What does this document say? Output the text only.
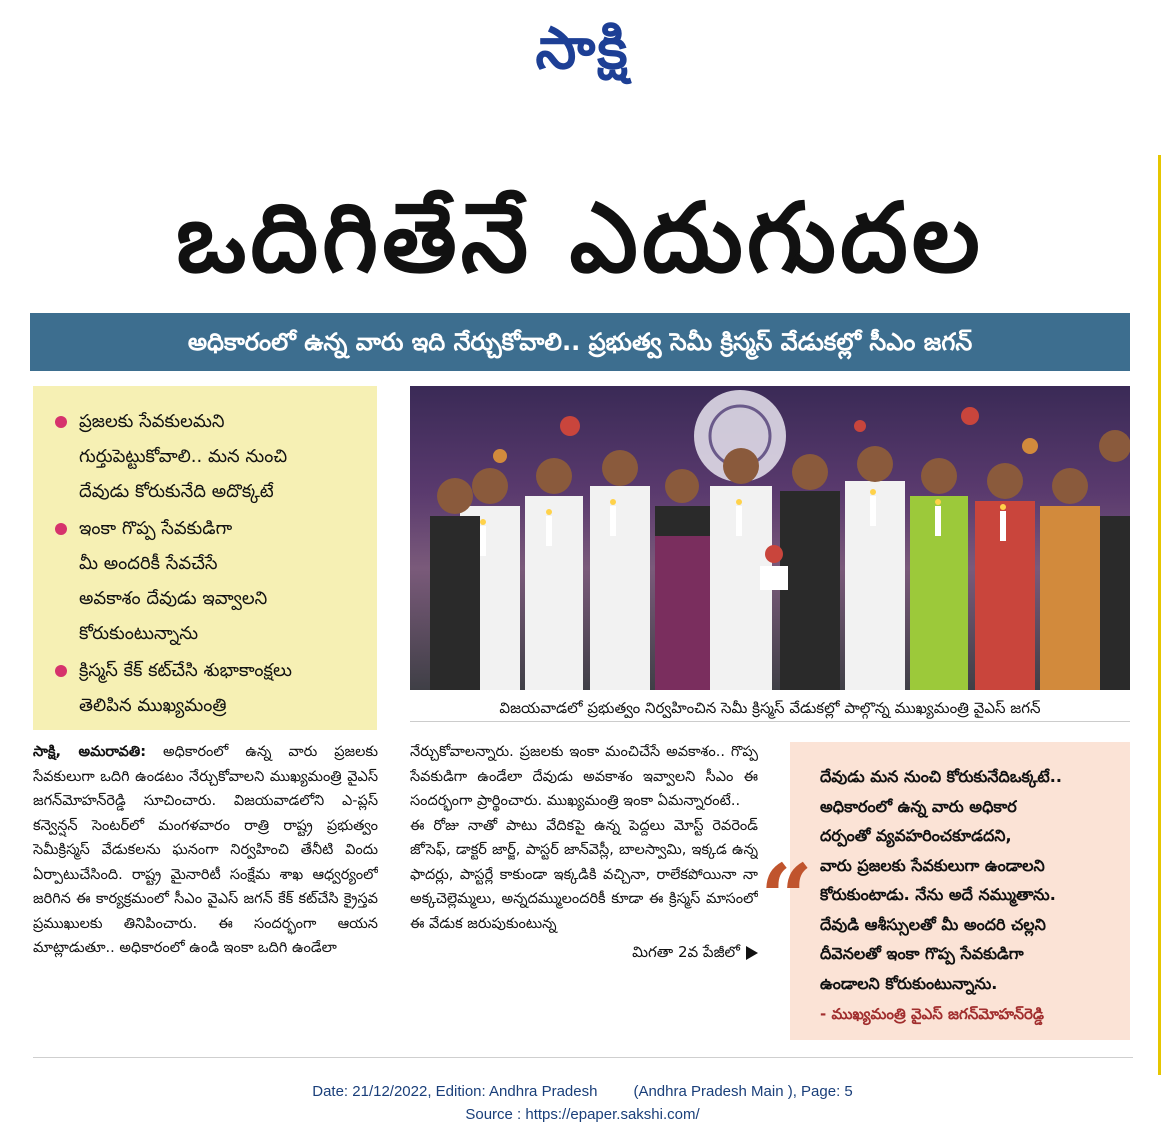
సాక్షి
ఒదిగితేనే ఎదుగుదల
అధికారంలో ఉన్న వారు ఇది నేర్చుకోవాలి.. ప్రభుత్వ సెమీ క్రిస్మస్ వేడుకల్లో సీఎం జగన్
ప్రజలకు సేవకులమని
గుర్తుపెట్టుకోవాలి.. మన నుంచి
దేవుడు కోరుకునేది అదొక్కటే
ఇంకా గొప్ప సేవకుడిగా
మీ అందరికీ సేవచేసే
అవకాశం దేవుడు ఇవ్వాలని
కోరుకుంటున్నాను
క్రిస్మస్ కేక్ కట్‌చేసి శుభాకాంక్షలు
తెలిపిన ముఖ్యమంత్రి	విజయవాడలో ప్రభుత్వం నిర్వహించిన సెమీ క్రిస్మస్ వేడుకల్లో పాల్గొన్న ముఖ్యమంత్రి వైఎస్ జగన్

సాక్షి, అమరావతి: అధికారంలో ఉన్న వారు ప్రజలకు సేవకులుగా ఒదిగి ఉండటం నేర్చుకోవాలని ముఖ్యమంత్రి వైఎస్ జగన్‌మోహన్‌రెడ్డి సూచించారు. విజయవాడలోని ఎ-ప్లస్ కన్వెన్షన్ సెంటర్‌లో మంగళవారం రాత్రి రాష్ట్ర ప్రభుత్వం సెమీక్రిస్మస్ వేడుకలను ఘనంగా నిర్వహించి తేనీటి విందు ఏర్పాటుచేసింది. రాష్ట్ర మైనారిటీ సంక్షేమ శాఖ ఆధ్వర్యంలో జరిగిన ఈ కార్యక్రమంలో సీఎం వైఎస్ జగన్ కేక్ కట్‌చేసి క్రైస్తవ ప్రముఖులకు తినిపించారు. ఈ సందర్భంగా ఆయన మాట్లాడుతూ.. అధికారంలో ఉండి ఇంకా ఒదిగి ఉండేలా

నేర్చుకోవాలన్నారు. ప్రజలకు ఇంకా మంచిచేసే అవకాశం.. గొప్ప సేవకుడిగా ఉండేలా దేవుడు అవకాశం ఇవ్వాలని సీఎం ఈ సందర్భంగా ప్రార్థించారు. ముఖ్యమంత్రి ఇంకా ఏమన్నారంటే..

ఈ రోజు నాతో పాటు వేదికపై ఉన్న పెద్దలు మోస్ట్ రెవరెండ్ జోసెఫ్, డాక్టర్ జార్జ్, పాస్టర్ జాన్‌వెస్లీ, బాలస్వామి, ఇక్కడ ఉన్న ఫాదర్లు, పాస్టర్లే కాకుండా ఇక్కడికి వచ్చినా, రాలేకపోయినా నా అక్కచెల్లెమ్మలు, అన్నదమ్ములందరికీ కూడా ఈ క్రిస్మస్ మాసంలో ఈ వేడుక జరుపుకుంటున్న

మిగతా 2వ పేజీలో “
దేవుడు మన నుంచి కోరుకునేదిఒక్కటే..
అధికారంలో ఉన్న వారు అధికార
దర్పంతో వ్యవహరించకూడదని,
వారు ప్రజలకు సేవకులుగా ఉండాలని
కోరుకుంటాడు. నేను అదే నమ్ముతాను.
దేవుడి ఆశీస్సులతో మీ అందరి చల్లని
దీవెనలతో ఇంకా గొప్ప సేవకుడిగా
ఉండాలని కోరుకుంటున్నాను.
- ముఖ్యమంత్రి వైఎస్ జగన్‌మోహన్‌రెడ్డి
Date: 21/12/2022, Edition: Andhra Pradesh (Andhra Pradesh Main ), Page: 5
Source : https://epaper.sakshi.com/
